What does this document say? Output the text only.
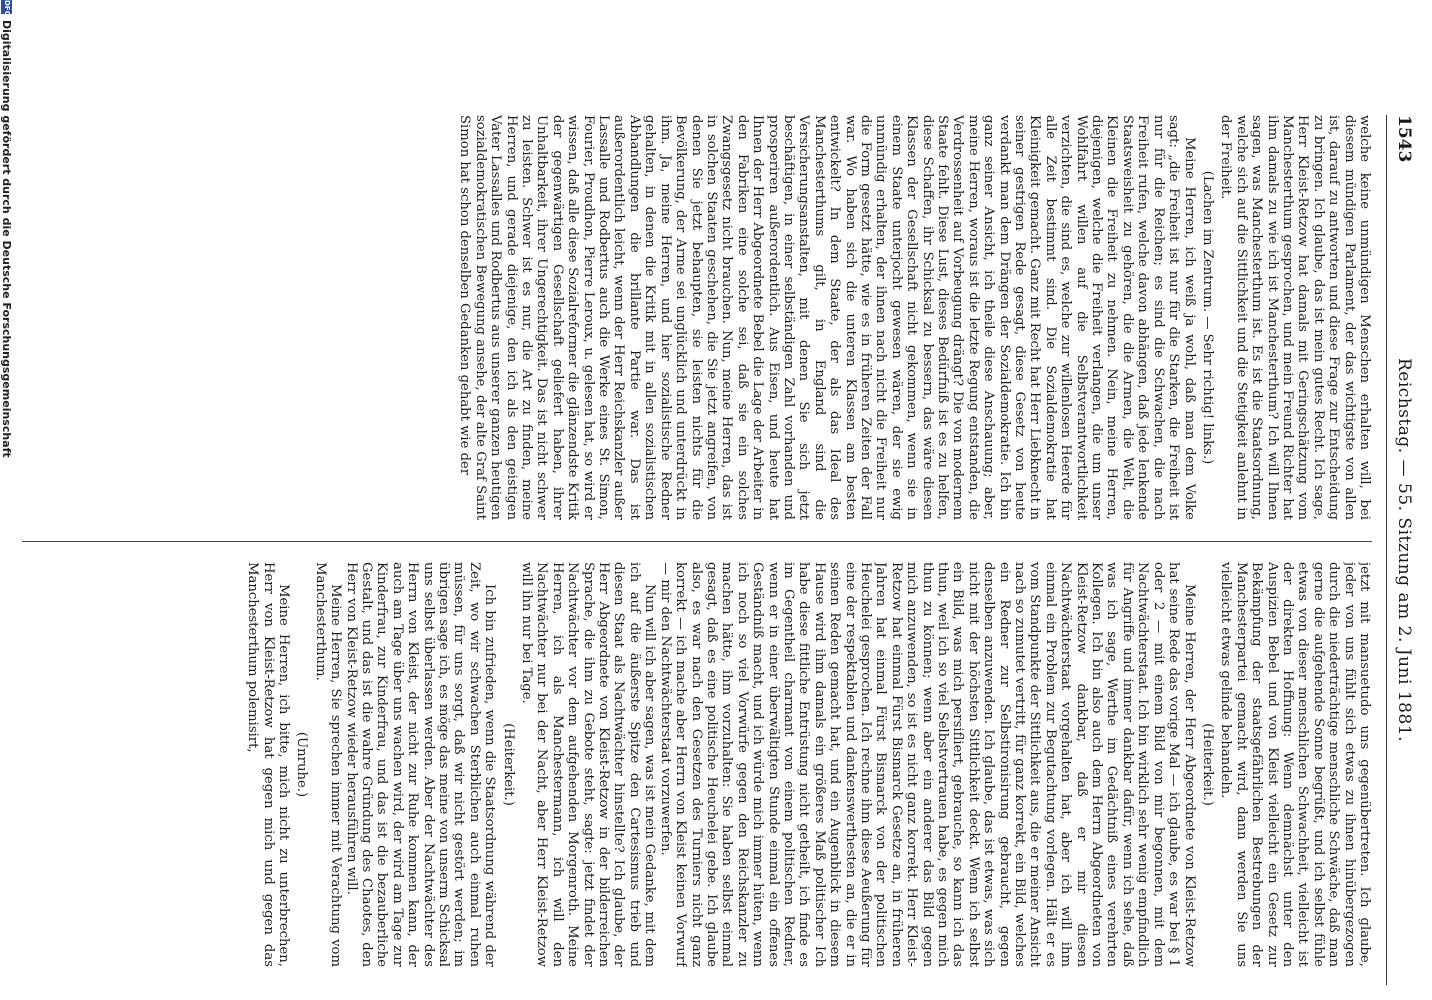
1543
Reichstag. — 55. Sitzung am 2. Juni 1881.

welche keine unmündigen Menschen erhalten will, bei diesem mündigen Parlament, der das wichtigste von allen ist, darauf zu antworten und diese Frage zur Entscheidung zu bringen. Ich glaube, das ist mein gutes Recht. Ich sage, Herr Kleist-Retzow hat damals mit Geringschätzung vom Manchesterthum gesprochen, und mein Freund Richter hat ihm damals zu wie ich ist Manchesterthum? Ich will Ihnen sagen, was Manchesterthum ist. Es ist die Staatsordnung, welche sich auf die Sittlichkeit und die Stetigkeit anlehnt in der Freiheit.

(Lachen im Zentrum. — Sehr richtig! links.)

Meine Herren, ich weiß ja wohl, daß man dem Volke sagt: „die Freiheit ist nur für die Starken, die Freiheit ist nur für die Reichen; es sind die Schwachen, die nach Freiheit rufen, welche davon abhängen, daß jede lenkende Staatsweisheit zu gehören, die die Armen, die Welt, die Kleinen die Freiheit zu nehmen. Nein, meine Herren, diejenigen, welche die Freiheit verlangen, die um unser Wohlfahrt willen auf die Selbstverantwortlichkeit verzichten, die sind es, welche zur willenlosen Heerde für alle Zeit bestimmt sind. Die Sozialdemokratie hat Kleinigkeit gemacht. Ganz mit Recht hat Herr Liebknecht in seiner gestrigen Rede gesagt, diese Gesetz von heute verdankt man dem Drängen der Sozialdemokratie. Ich bin ganz seiner Ansicht, ich theile diese Anschauung; aber, meine Herren, woraus ist die letzte Regung entstanden, die Verdrossenheit auf Vorbeugung drängt? Die von modernem Staate fehlt. Diese Lust, dieses Bedürfniß ist es zu helfen, diese Schaffen, ihr Schicksal zu bessern, das wäre diesen Klassen der Gesellschaft nicht gekommen, wenn sie in einem Staate unterjocht gewesen wären, der sie ewig unmündig erhalten, der ihnen nach nicht die Freiheit nur die Form gesetzt hätte, wie es in früheren Zeiten der Fall war. Wo haben sich die unteren Klassen am besten entwickelt? In dem Staate, der als das Ideal des Manchesterthums gilt, in England sind die Versicherungsanstalten, mit denen Sie sich jetzt beschäftigen, in einer selbständigen Zahl vorhanden und prosperiren außerordentlich. Aus Eisen, und heute hat Ihnen der Herr Abgeordnete Bebel die Lage der Arbeiter in den Fabriken eine solche sei, daß sie ein solches Zwangsgesetz nicht brauchen. Nun, meine Herren, das ist in solchen Staaten geschehen, die Sie jetzt angreifen, von denen Sie jetzt behaupten, sie leisten nichts für die Bevölkerung, der Arme sei unglücklich und unterdrückt in ihm. Ja, meine Herren, und hier sozialistische Redner gehalten, in denen die Kritik mit in allen sozialistischen Abhandlungen die brillante Partie war. Das ist außerordentlich leicht, wenn der Herr Reichskanzler außer Lassalle und Rodbertus auch die Werke eines St. Simon, Fourier, Proudhon, Pierre Leroux, u. gelesen hat, so wird er wissen, daß alle diese Sozialreformer die glänzendste Kritik der gegenwärtigen Gesellschaft geliefert haben, ihrer Unhaltbarkeit, ihrer Ungerechtigkeit. Das ist nicht schwer zu leisten. Schwer ist es nur, die Art zu finden, meine Herren, und gerade diejenige, den ich als den geistigen Vater Lassalles und Rodbertus aus unserer ganzen heutigen sozialdemokratischen Bewegung ansehe, der alte Graf Saint Simon hat schon denselben Gedanken gehabt wie der

jetzt mit mansuetudo uns gegenübertreten. Ich glaube, jeder von uns fühlt sich etwas zu ihnen hinübergezogen durch die niederträchtige menschliche Schwäche, daß man gerne die aufgehende Sonne begrüßt, und ich selbst fühle etwas von dieser menschlichen Schwachheit, vielleicht ist der direkten Hoffnung: Wenn demnächst unter den Auspizien Bebel und von Kleist vielleicht ein Gesetz zur Bekämpfung der staatsgefährlichen Bestrebungen der Manchesterpartei gemacht wird, dann werden Sie uns vielleicht etwas gelinde behandeln.

(Heiterkeit.)

Meine Herren, der Herr Abgeordnete von Kleist-Retzow hat seine Rede das vorige Mal — ich glaube, es war bei § 1 oder 2 — mit einem Bild von mir begonnen, mit dem Nachtwächterstaat. Ich bin wirklich sehr wenig empfindlich für Angriffe und immer dankbar dafür, wenn ich sehe, daß was ich sage, Werthe im Gedächtniß eines verehrten Kollegen. Ich bin also auch dem Herrn Abgeordneten von Kleist-Retzow dankbar, daß er mir diesen Nachtwächterstaat vorgehalten hat, aber ich will ihm einmal ein Problem zur Begutachtung vorlegen. Hält er es vom Standpunkte der Sittlichkeit aus, die er meiner Ansicht nach so zumutet vertritt, für ganz korrekt, ein Bild, welches ein Redner zur Selbstironisirung gebraucht, gegen denselben anzuwenden. Ich glaube, das ist etwas, was sich nicht mit der höchsten Sittlichkeit deckt. Wenn ich selbst ein Bild, was mich persifliert, gebrauche, so kann ich das thun, weil ich so viel Selbstvertrauen habe, es gegen mich thun zu können; wenn aber ein anderer das Bild gegen mich anzuwenden, so ist es nicht ganz korrekt. Herr Kleist-Retzow hat einmal Fürst Bismarck Gesetze an, in früheren Jahren hat einmal Fürst Bismarck von der politischen Heuchelei gesprochen. Ich rechne ihm diese Aeußerung für eine der respektablen und dankenswerthesten an, die er in seinen Reden gemacht hat, und ein Augenblick in diesem Hause wird ihm damals ein größeres Maß politischer Ich habe diese fittliche Entrüstung nicht getheilt, ich finde es im Gegentheil charmant von einem politischen Redner, wenn er in einer überwältigten Stunde einmal ein offenes Geständniß macht, und ich würde mich immer hüten, wenn ich noch so viel Vorwürfe gegen den Reichskanzler zu machen hätte, ihm vorzuhalten: Sie haben selbst einmal gesagt, daß es eine politische Heuchelei gebe. Ich glaube also, es war nach den Gesetzen des Turniers nicht ganz korrekt — ich mache aber Herrn von Kleist keinen Vorwurf — mir den Nachtwächterstaat vorzuwerfen.

Nun will ich aber sagen, was ist mein Gedanke, mit dem ich auf die äußerste Spitze den Cartesismus trieb und diesen Staat als Nachtwächter hinstellte? Ich glaube, der Herr Abgeordnete von Kleist-Retzow in der bilderreichen Sprache, die ihm zu Gebote steht, sagte: jetzt findet der Nachtwächter vor dem aufgehenden Morgenroth. Meine Herren, ich als Manchestermann, ich will den Nachtwächter nur bei der Nacht, aber Herr Kleist-Retzow will ihn nur bei Tage.

(Heiterkeit.)

Ich bin zufrieden, wenn die Staatsordnung während der Zeit, wo wir schwachen Sterblichen auch einmal ruhen müssen, für uns sorgt, daß wir nicht gestört werden; im übrigen sage ich, es möge das meine von unserm Schicksal uns selbst überlassen werden. Aber der Nachtwächter des Herrn von Kleist, der nicht zur Ruhe kommen kann, der auch am Tage über uns wachen wird, der wird am Tage zur Kinderfrau, zur Kinderfrau, und das ist die bezauberliche Gestalt, und das ist die wahre Gründung des Chaotes, den Herr von Kleist-Retzow wieder herausführen will.

Meine Herren, Sie sprechen immer mit Verachtung vom Manchesterthum.

(Unruhe.)

Meine Herren, ich bitte, mich nicht zu unterbrechen, Herr von Kleist-Retzow hat gegen mich und gegen das Manchesterthum polemisirt,

DFG
Digitalisierung gefördert durch die Deutsche Forschungsgemeinschaft
